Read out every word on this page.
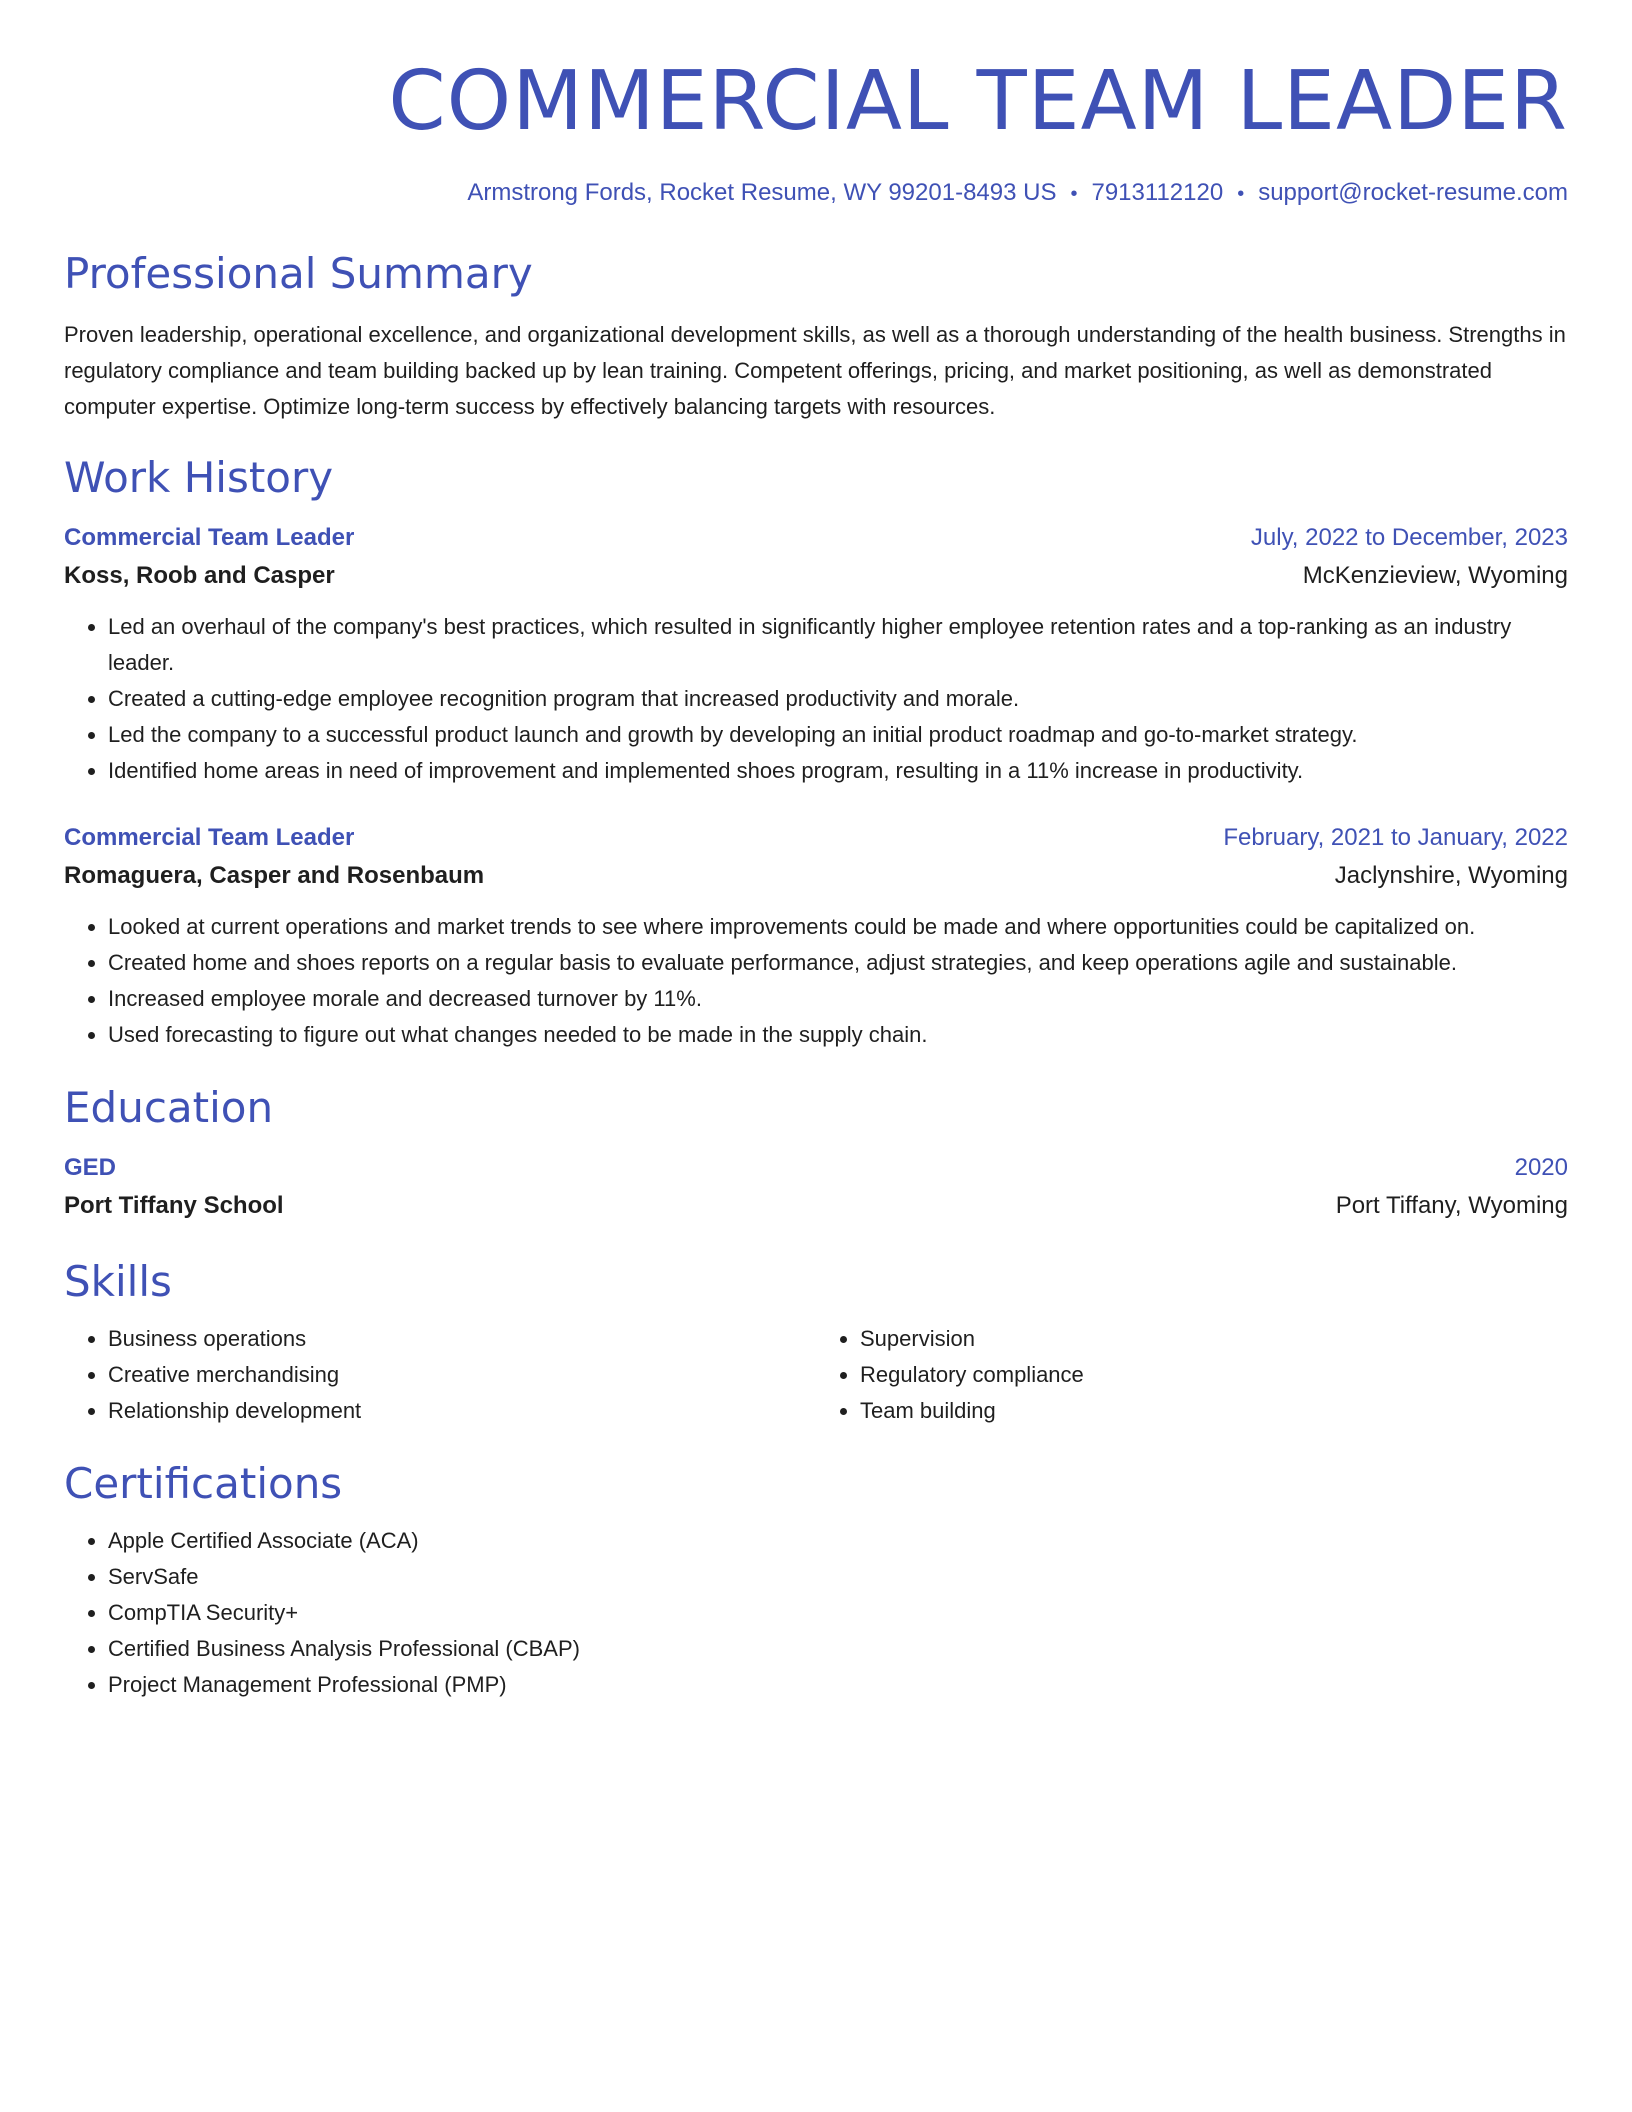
COMMERCIAL TEAM LEADER
Armstrong Fords, Rocket Resume, WY 99201-8493 US • 7913112120 • support@rocket-resume.com
Professional Summary
Proven leadership, operational excellence, and organizational development skills, as well as a thorough understanding of the health business. Strengths in regulatory compliance and team building backed up by lean training. Competent offerings, pricing, and market positioning, as well as demonstrated computer expertise. Optimize long-term success by effectively balancing targets with resources.
Work History
Commercial Team Leader	July, 2022 to December, 2023
Koss, Roob and Casper	McKenzieview, Wyoming
• Led an overhaul of the company's best practices, which resulted in significantly higher employee retention rates and a top-ranking as an industry leader.
• Created a cutting-edge employee recognition program that increased productivity and morale.
• Led the company to a successful product launch and growth by developing an initial product roadmap and go-to-market strategy.
• Identified home areas in need of improvement and implemented shoes program, resulting in a 11% increase in productivity.
Commercial Team Leader	February, 2021 to January, 2022
Romaguera, Casper and Rosenbaum	Jaclynshire, Wyoming
• Looked at current operations and market trends to see where improvements could be made and where opportunities could be capitalized on.
• Created home and shoes reports on a regular basis to evaluate performance, adjust strategies, and keep operations agile and sustainable.
• Increased employee morale and decreased turnover by 11%.
• Used forecasting to figure out what changes needed to be made in the supply chain.
Education
GED	2020
Port Tiffany School	Port Tiffany, Wyoming
Skills
• Business operations
• Creative merchandising
• Relationship development
• Supervision
• Regulatory compliance
• Team building
Certifications
• Apple Certified Associate (ACA)
• ServSafe
• CompTIA Security+
• Certified Business Analysis Professional (CBAP)
• Project Management Professional (PMP)
